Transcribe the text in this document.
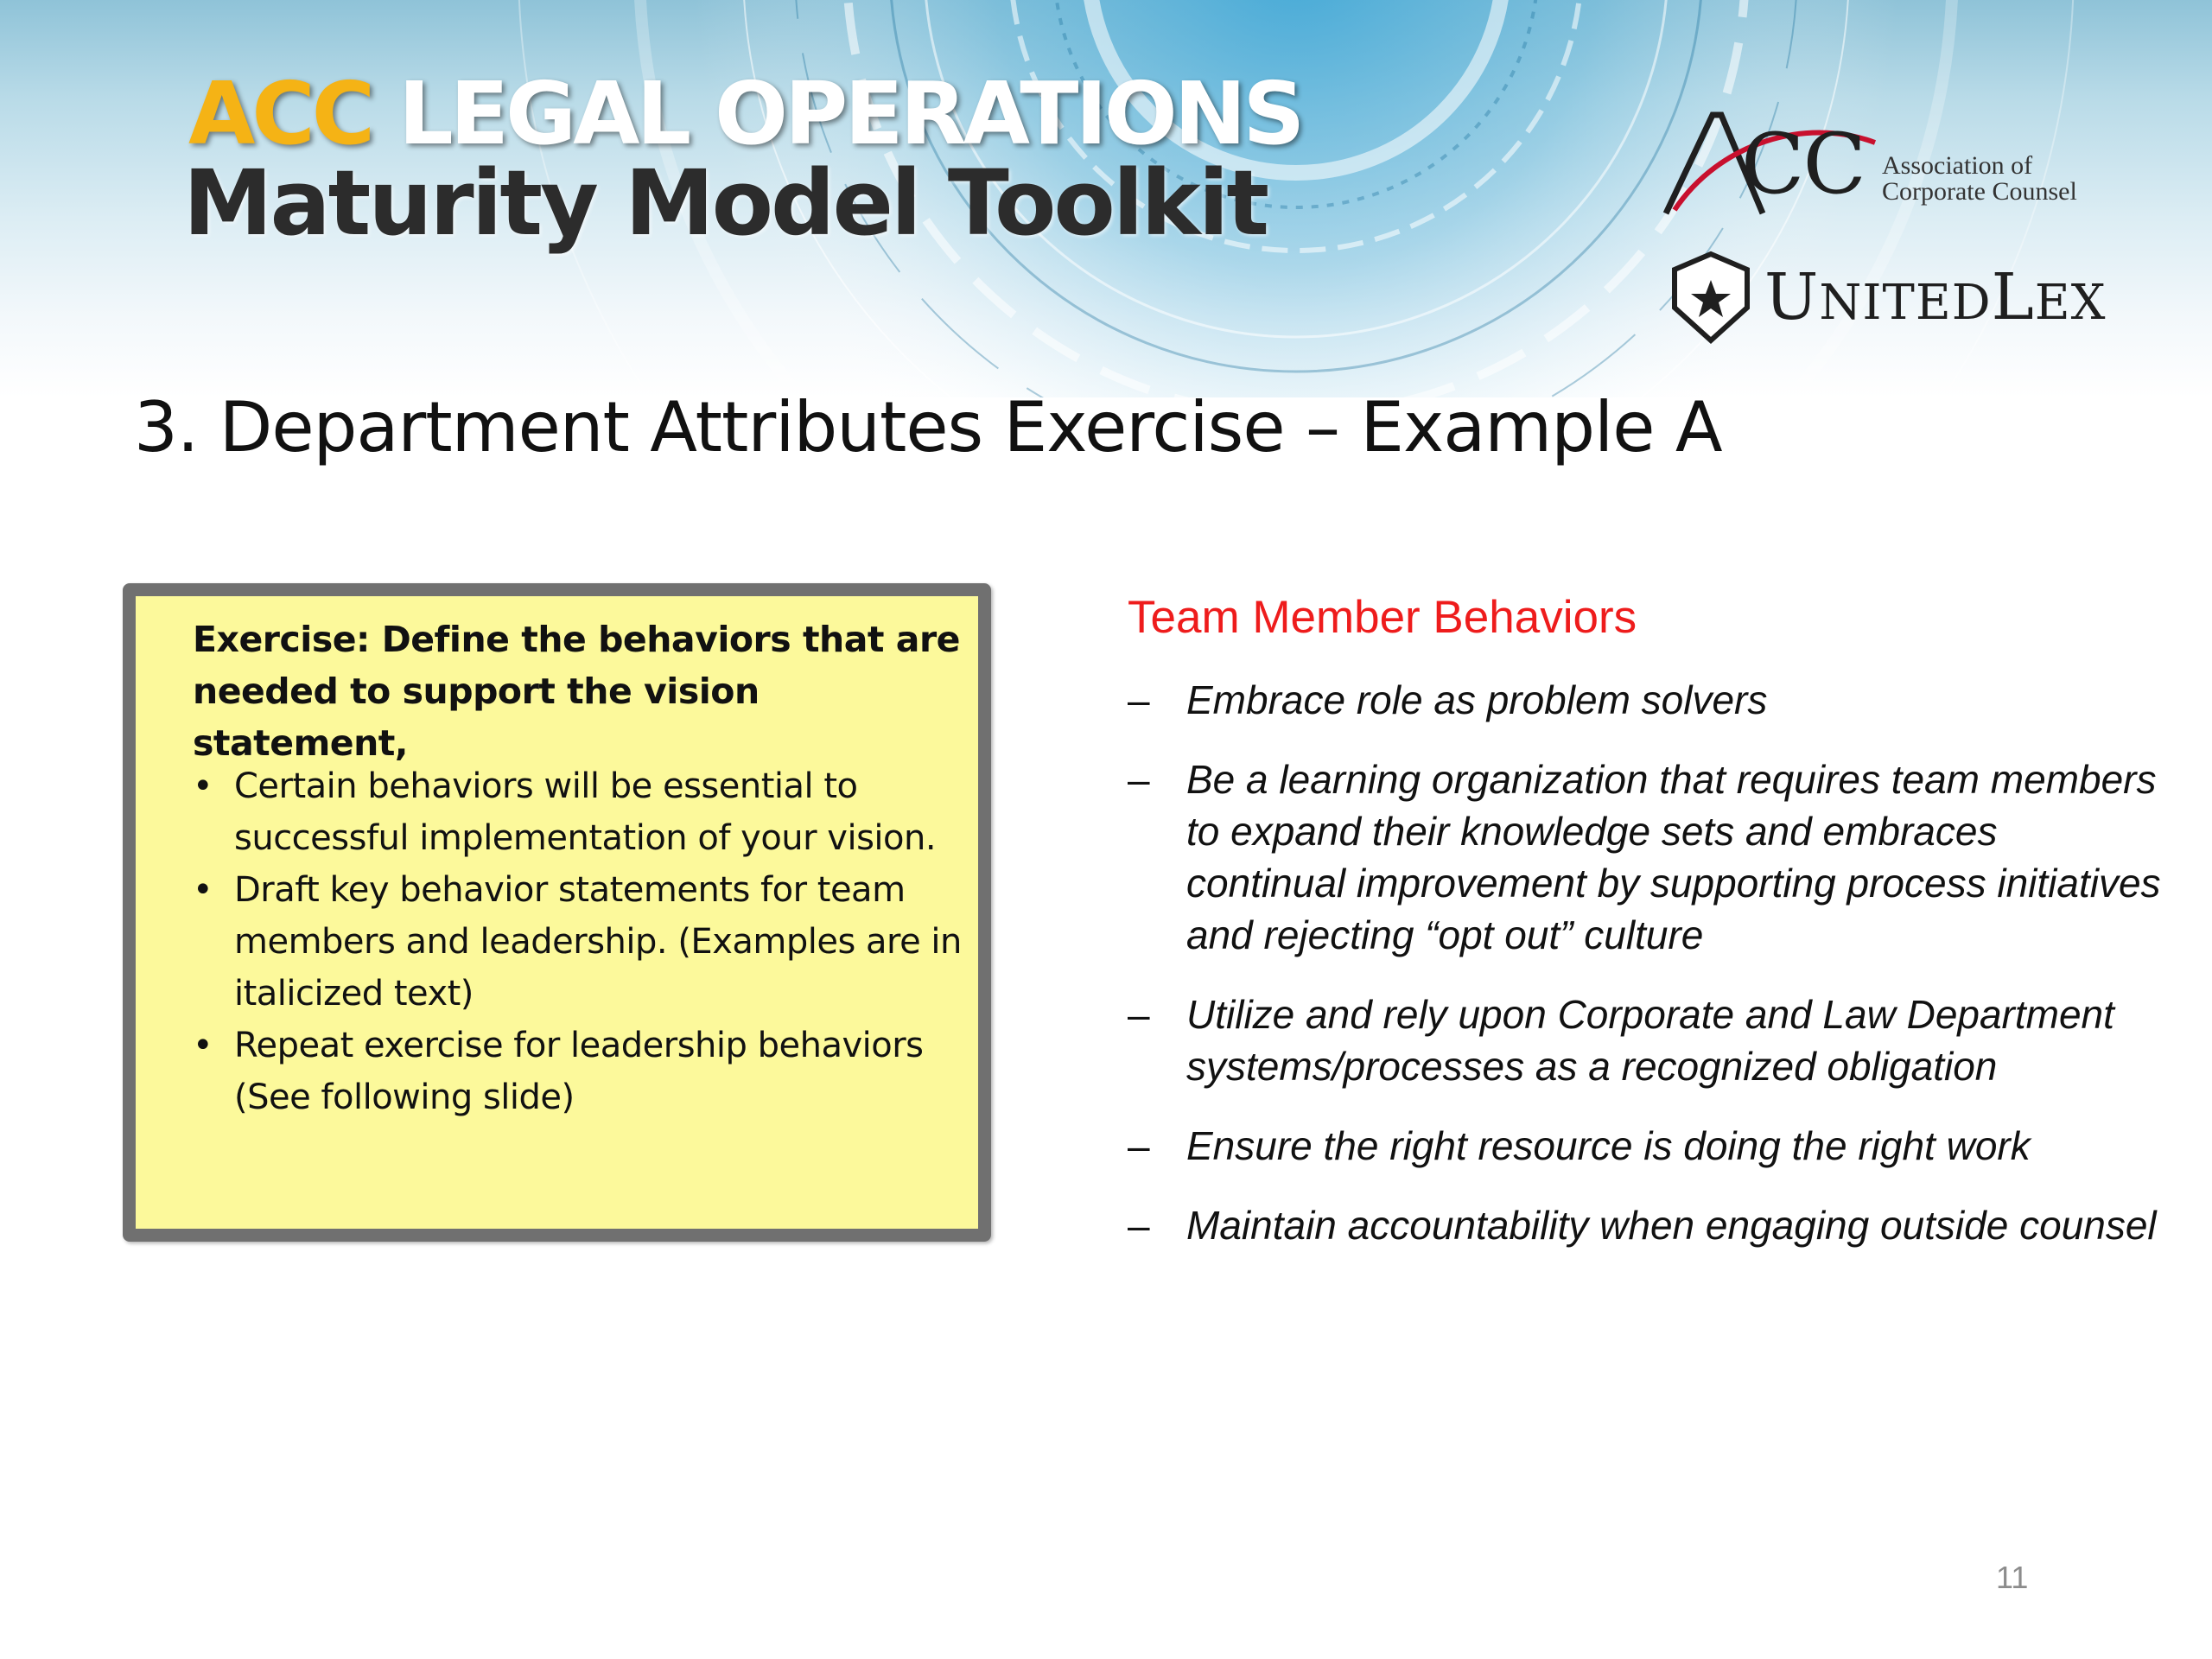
ACC LEGAL OPERATIONS
Maturity Model Toolkit	CC Association of
Corporate Counsel
UNITEDLEX
3. Department Attributes Exercise – Example A
Exercise: Define the behaviors that are needed to support the vision statement,
• Certain behaviors will be essential to successful implementation of your vision.
• Draft key behavior statements for team members and leadership. (Examples are in italicized text)
• Repeat exercise for leadership behaviors (See following slide)
Team Member Behaviors
– Embrace role as problem solvers
– Be a learning organization that requires team members to expand their knowledge sets and embraces continual improvement by supporting process initiatives and rejecting “opt out” culture
– Utilize and rely upon Corporate and Law Department systems/processes as a recognized obligation
– Ensure the right resource is doing the right work
– Maintain accountability when engaging outside counsel
11
